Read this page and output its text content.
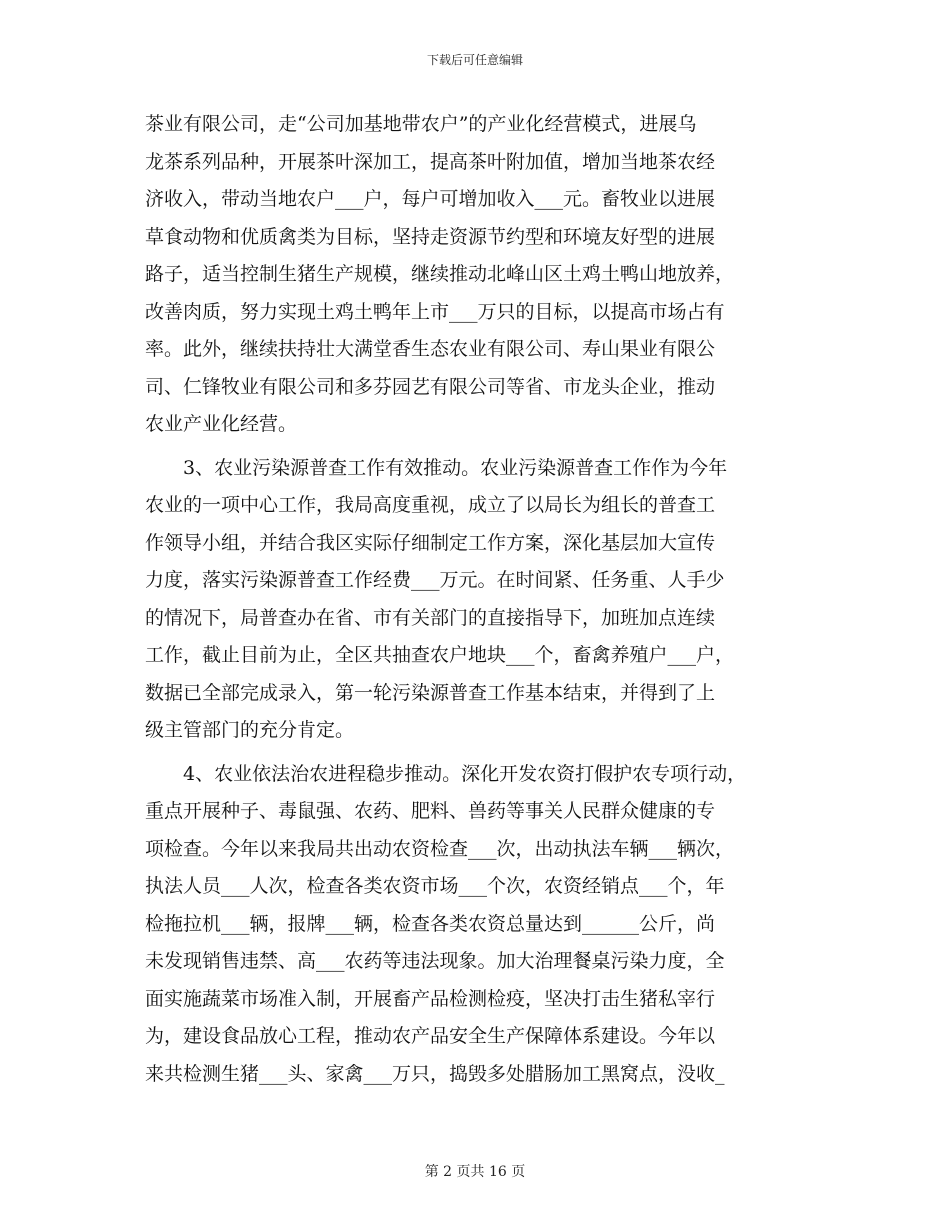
下载后可任意编辑
茶业有限公司，走“公司加基地带农户”的产业化经营模式，进展乌
龙茶系列品种，开展茶叶深加工，提高茶叶附加值，增加当地茶农经
济收入，带动当地农户___户，每户可增加收入___元。畜牧业以进展
草食动物和优质禽类为目标，坚持走资源节约型和环境友好型的进展
路子，适当控制生猪生产规模，继续推动北峰山区土鸡土鸭山地放养，
改善肉质，努力实现土鸡土鸭年上市___万只的目标，以提高市场占有
率。此外，继续扶持壮大满堂香生态农业有限公司、寿山果业有限公
司、仁锋牧业有限公司和多芬园艺有限公司等省、市龙头企业，推动
农业产业化经营。
　　3、农业污染源普查工作有效推动。农业污染源普查工作作为今年
农业的一项中心工作，我局高度重视，成立了以局长为组长的普查工
作领导小组，并结合我区实际仔细制定工作方案，深化基层加大宣传
力度，落实污染源普查工作经费___万元。在时间紧、任务重、人手少
的情况下，局普查办在省、市有关部门的直接指导下，加班加点连续
工作，截止目前为止，全区共抽查农户地块___个，畜禽养殖户___户，
数据已全部完成录入，第一轮污染源普查工作基本结束，并得到了上
级主管部门的充分肯定。
　　4、农业依法治农进程稳步推动。深化开发农资打假护农专项行动，
重点开展种子、毒鼠强、农药、肥料、兽药等事关人民群众健康的专
项检查。今年以来我局共出动农资检查___次，出动执法车辆___辆次，
执法人员___人次，检查各类农资市场___个次，农资经销点___个，年
检拖拉机___辆，报牌___辆，检查各类农资总量达到______公斤，尚
未发现销售违禁、高___农药等违法现象。加大治理餐桌污染力度，全
面实施蔬菜市场准入制，开展畜产品检测检疫，坚决打击生猪私宰行
为，建设食品放心工程，推动农产品安全生产保障体系建设。今年以
来共检测生猪___头、家禽___万只，捣毁多处腊肠加工黑窝点，没收_
第 2 页共 16 页
